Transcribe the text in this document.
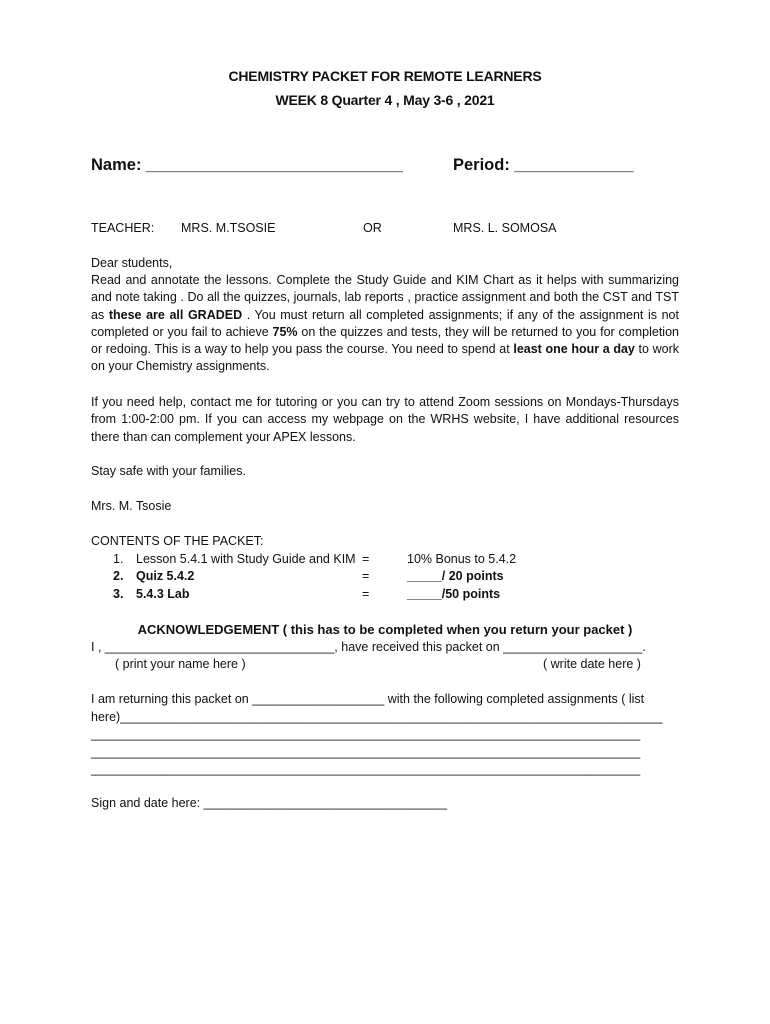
CHEMISTRY PACKET FOR REMOTE LEARNERS
WEEK 8 Quarter 4 , May 3-6 , 2021
Name: ____________________________	Period: _____________
TEACHER: MRS. M.TSOSIE	OR	MRS. L. SOMOSA
Dear students,
Read and annotate the lessons. Complete the Study Guide and KIM Chart as it helps with summarizing and note taking . Do all the quizzes, journals, lab reports , practice assignment and both the CST and TST as these are all GRADED . You must return all completed assignments; if any of the assignment is not completed or you fail to achieve 75% on the quizzes and tests, they will be returned to you for completion or redoing. This is a way to help you pass the course. You need to spend at least one hour a day to work on your Chemistry assignments.
If you need help, contact me for tutoring or you can try to attend Zoom sessions on Mondays-Thursdays from 1:00-2:00 pm. If you can access my webpage on the WRHS website, I have additional resources there than can complement your APEX lessons.
Stay safe with your families.
Mrs. M. Tsosie
CONTENTS OF THE PACKET:
1. Lesson 5.4.1 with Study Guide and KIM =	10% Bonus to 5.4.2
2. Quiz 5.4.2	=	_____/ 20 points
3. 5.4.3 Lab	=	_____/50 points
ACKNOWLEDGEMENT ( this has to be completed when you return your packet )
I , _________________________________, have received this packet on ____________________.
( print your name here )	( write date here )
I am returning this packet on ___________________ with the following completed assignments ( list
here)______________________________________________________________________________
_______________________________________________________________________________
_______________________________________________________________________________
_______________________________________________________________________________
Sign and date here: ___________________________________
